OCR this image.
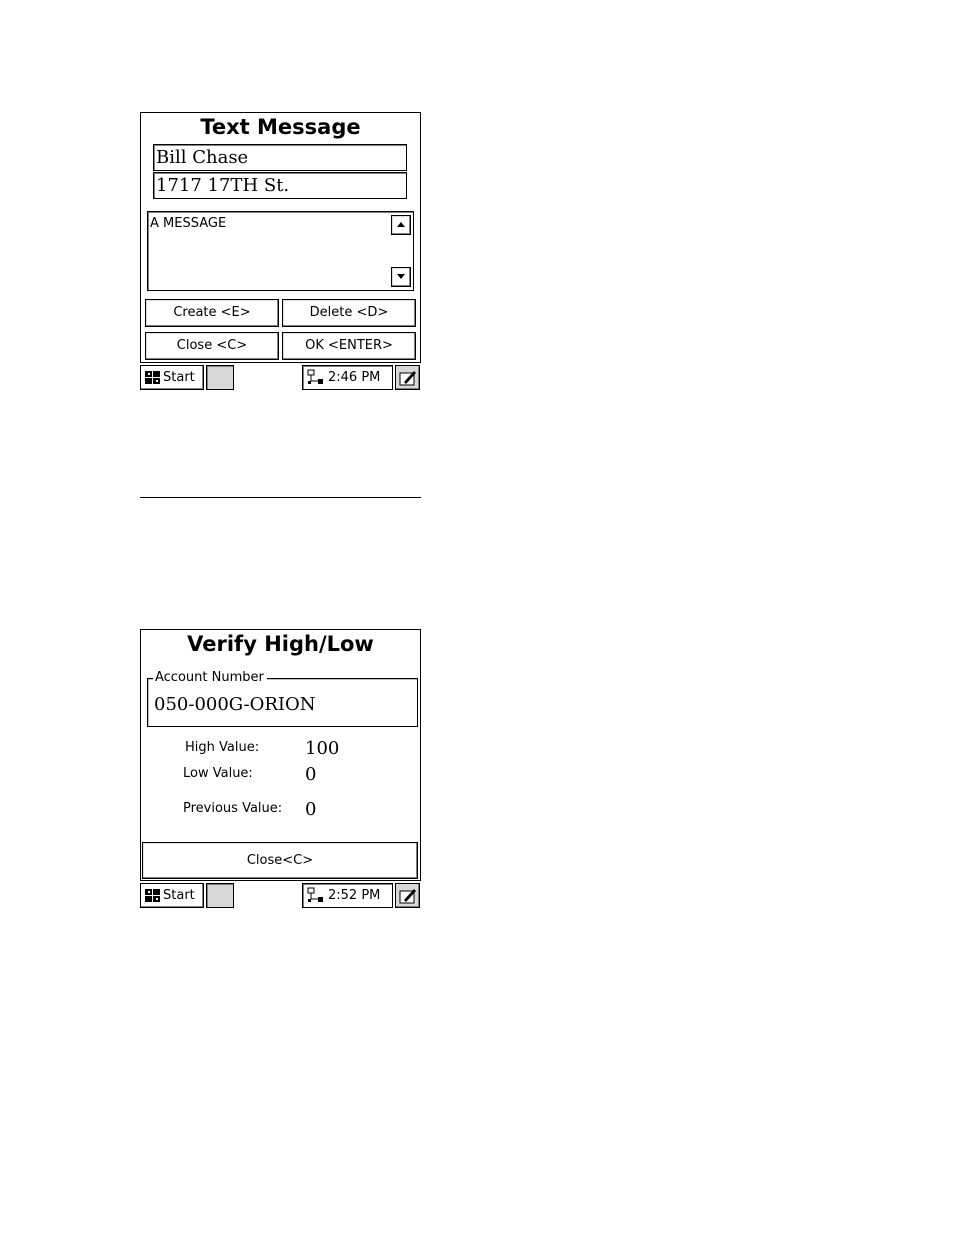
Text Message
Bill Chase
1717 17TH St.
A MESSAGE
Create <E>	Delete <D>
Close <C>	OK <ENTER>
Start	2:46 PM
Verify High/Low
Account Number
050-000G-ORION
High Value:	100
Low Value:	0
Previous Value: 0
Close<C>
Start	2:52 PM
